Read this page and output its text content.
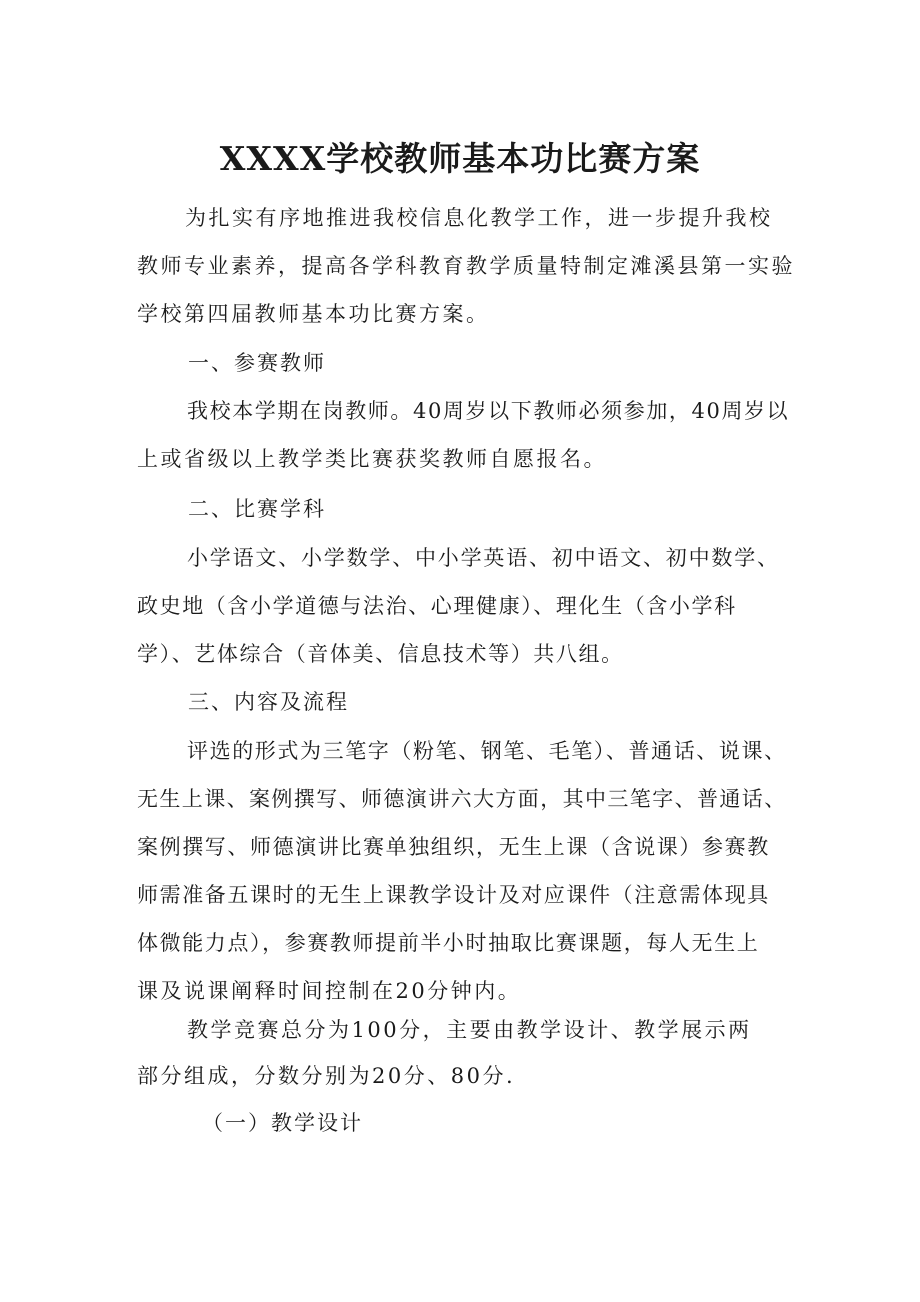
XXXX学校教师基本功比赛方案
为扎实有序地推进我校信息化教学工作，进一步提升我校
教师专业素养，提高各学科教育教学质量特制定滩溪县第一实验
学校第四届教师基本功比赛方案。
一、参赛教师
我校本学期在岗教师。40周岁以下教师必须参加，40周岁以
上或省级以上教学类比赛获奖教师自愿报名。
二、比赛学科
小学语文、小学数学、中小学英语、初中语文、初中数学、
政史地（含小学道德与法治、心理健康）、理化生（含小学科
学）、艺体综合（音体美、信息技术等）共八组。
三、内容及流程
评选的形式为三笔字（粉笔、钢笔、毛笔）、普通话、说课、
无生上课、案例撰写、师德演讲六大方面，其中三笔字、普通话、
案例撰写、师德演讲比赛单独组织，无生上课（含说课）参赛教
师需准备五课时的无生上课教学设计及对应课件（注意需体现具
体微能力点），参赛教师提前半小时抽取比赛课题，每人无生上
课及说课阐释时间控制在20分钟内。
教学竞赛总分为100分，主要由教学设计、教学展示两
部分组成，分数分别为20分、80分.
（一）教学设计
